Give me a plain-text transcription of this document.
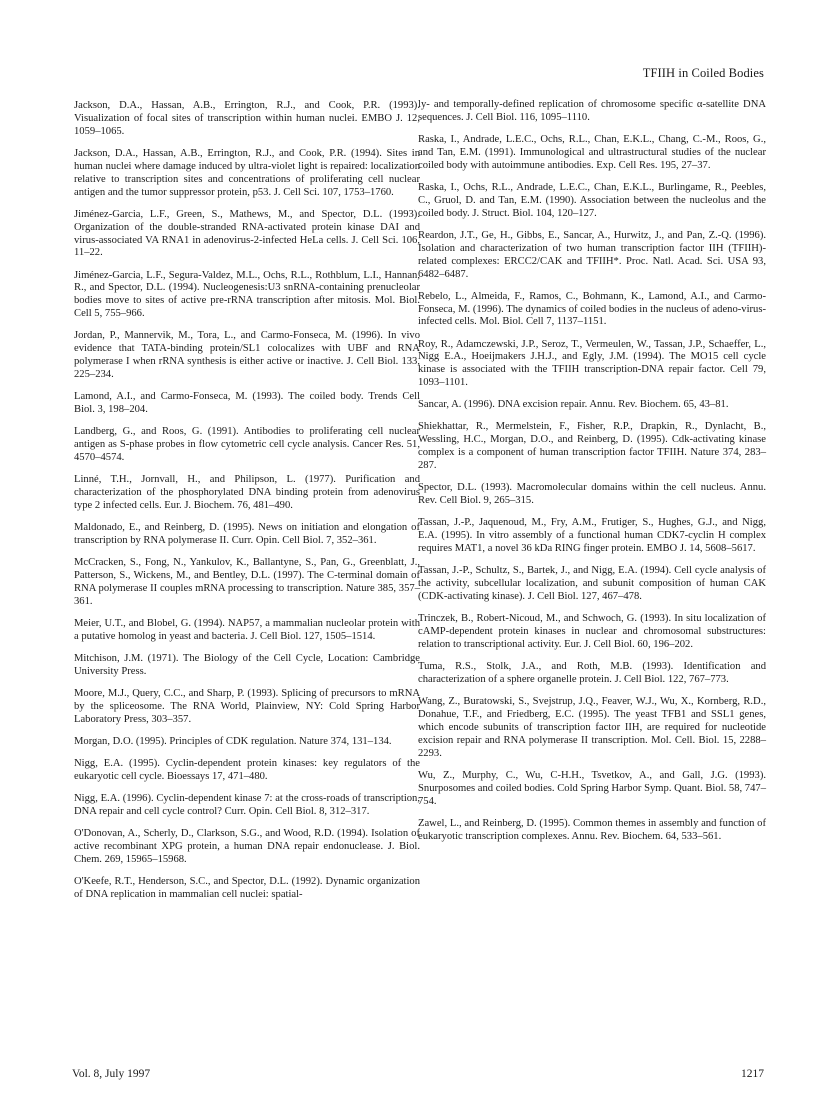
TFIIH in Coiled Bodies

Jackson, D.A., Hassan, A.B., Errington, R.J., and Cook, P.R. (1993). Visualization of focal sites of transcription within human nuclei. EMBO J. 12, 1059–1065.

Jackson, D.A., Hassan, A.B., Errington, R.J., and Cook, P.R. (1994). Sites in human nuclei where damage induced by ultra-violet light is repaired: localization relative to transcription sites and concentrations of proliferating cell nuclear antigen and the tumor suppressor protein, p53. J. Cell Sci. 107, 1753–1760.

Jiménez-Garcia, L.F., Green, S., Mathews, M., and Spector, D.L. (1993). Organization of the double-stranded RNA-activated protein kinase DAI and virus-associated VA RNA1 in adenovirus-2-infected HeLa cells. J. Cell Sci. 106, 11–22.

Jiménez-Garcia, L.F., Segura-Valdez, M.L., Ochs, R.L., Rothblum, L.I., Hannan, R., and Spector, D.L. (1994). Nucleogenesis:U3 snRNA-containing prenucleolar bodies move to sites of active pre-rRNA transcription after mitosis. Mol. Biol. Cell 5, 755–966.

Jordan, P., Mannervik, M., Tora, L., and Carmo-Fonseca, M. (1996). In vivo evidence that TATA-binding protein/SL1 colocalizes with UBF and RNA polymerase I when rRNA synthesis is either active or inactive. J. Cell Biol. 133, 225–234.

Lamond, A.I., and Carmo-Fonseca, M. (1993). The coiled body. Trends Cell Biol. 3, 198–204.

Landberg, G., and Roos, G. (1991). Antibodies to proliferating cell nuclear antigen as S-phase probes in flow cytometric cell cycle analysis. Cancer Res. 51, 4570–4574.

Linné, T.H., Jornvall, H., and Philipson, L. (1977). Purification and characterization of the phosphorylated DNA binding protein from adenovirus type 2 infected cells. Eur. J. Biochem. 76, 481–490.

Maldonado, E., and Reinberg, D. (1995). News on initiation and elongation of transcription by RNA polymerase II. Curr. Opin. Cell Biol. 7, 352–361.

McCracken, S., Fong, N., Yankulov, K., Ballantyne, S., Pan, G., Greenblatt, J., Patterson, S., Wickens, M., and Bentley, D.L. (1997). The C-terminal domain of RNA polymerase II couples mRNA processing to transcription. Nature 385, 357–361.

Meier, U.T., and Blobel, G. (1994). NAP57, a mammalian nucleolar protein with a putative homolog in yeast and bacteria. J. Cell Biol. 127, 1505–1514.

Mitchison, J.M. (1971). The Biology of the Cell Cycle, Location: Cambridge University Press.

Moore, M.J., Query, C.C., and Sharp, P. (1993). Splicing of precursors to mRNA by the spliceosome. The RNA World, Plainview, NY: Cold Spring Harbor Laboratory Press, 303–357.

Morgan, D.O. (1995). Principles of CDK regulation. Nature 374, 131–134.

Nigg, E.A. (1995). Cyclin-dependent protein kinases: key regulators of the eukaryotic cell cycle. Bioessays 17, 471–480.

Nigg, E.A. (1996). Cyclin-dependent kinase 7: at the cross-roads of transcription, DNA repair and cell cycle control? Curr. Opin. Cell Biol. 8, 312–317.

O'Donovan, A., Scherly, D., Clarkson, S.G., and Wood, R.D. (1994). Isolation of active recombinant XPG protein, a human DNA repair endonuclease. J. Biol. Chem. 269, 15965–15968.

O'Keefe, R.T., Henderson, S.C., and Spector, D.L. (1992). Dynamic organization of DNA replication in mammalian cell nuclei: spatial-

ly- and temporally-defined replication of chromosome specific α-satellite DNA sequences. J. Cell Biol. 116, 1095–1110.

Raska, I., Andrade, L.E.C., Ochs, R.L., Chan, E.K.L., Chang, C.-M., Roos, G., and Tan, E.M. (1991). Immunological and ultrastructural studies of the nuclear coiled body with autoimmune antibodies. Exp. Cell Res. 195, 27–37.

Raska, I., Ochs, R.L., Andrade, L.E.C., Chan, E.K.L., Burlingame, R., Peebles, C., Gruol, D. and Tan, E.M. (1990). Association between the nucleolus and the coiled body. J. Struct. Biol. 104, 120–127.

Reardon, J.T., Ge, H., Gibbs, E., Sancar, A., Hurwitz, J., and Pan, Z.-Q. (1996). Isolation and characterization of two human transcription factor IIH (TFIIH)-related complexes: ERCC2/CAK and TFIIH*. Proc. Natl. Acad. Sci. USA 93, 6482–6487.

Rebelo, L., Almeida, F., Ramos, C., Bohmann, K., Lamond, A.I., and Carmo-Fonseca, M. (1996). The dynamics of coiled bodies in the nucleus of adeno-virus-infected cells. Mol. Biol. Cell 7, 1137–1151.

Roy, R., Adamczewski, J.P., Seroz, T., Vermeulen, W., Tassan, J.P., Schaeffer, L., Nigg E.A., Hoeijmakers J.H.J., and Egly, J.M. (1994). The MO15 cell cycle kinase is associated with the TFIIH transcription-DNA repair factor. Cell 79, 1093–1101.

Sancar, A. (1996). DNA excision repair. Annu. Rev. Biochem. 65, 43–81.

Shiekhattar, R., Mermelstein, F., Fisher, R.P., Drapkin, R., Dynlacht, B., Wessling, H.C., Morgan, D.O., and Reinberg, D. (1995). Cdk-activating kinase complex is a component of human transcription factor TFIIH. Nature 374, 283–287.

Spector, D.L. (1993). Macromolecular domains within the cell nucleus. Annu. Rev. Cell Biol. 9, 265–315.

Tassan, J.-P., Jaquenoud, M., Fry, A.M., Frutiger, S., Hughes, G.J., and Nigg, E.A. (1995). In vitro assembly of a functional human CDK7-cyclin H complex requires MAT1, a novel 36 kDa RING finger protein. EMBO J. 14, 5608–5617.

Tassan, J.-P., Schultz, S., Bartek, J., and Nigg, E.A. (1994). Cell cycle analysis of the activity, subcellular localization, and subunit composition of human CAK (CDK-activating kinase). J. Cell Biol. 127, 467–478.

Trinczek, B., Robert-Nicoud, M., and Schwoch, G. (1993). In situ localization of cAMP-dependent protein kinases in nuclear and chromosomal substructures: relation to transcriptional activity. Eur. J. Cell Biol. 60, 196–202.

Tuma, R.S., Stolk, J.A., and Roth, M.B. (1993). Identification and characterization of a sphere organelle protein. J. Cell Biol. 122, 767–773.

Wang, Z., Buratowski, S., Svejstrup, J.Q., Feaver, W.J., Wu, X., Kornberg, R.D., Donahue, T.F., and Friedberg, E.C. (1995). The yeast TFB1 and SSL1 genes, which encode subunits of transcription factor IIH, are required for nucleotide excision repair and RNA polymerase II transcription. Mol. Cell. Biol. 15, 2288–2293.

Wu, Z., Murphy, C., Wu, C-H.H., Tsvetkov, A., and Gall, J.G. (1993). Snurposomes and coiled bodies. Cold Spring Harbor Symp. Quant. Biol. 58, 747–754.

Zawel, L., and Reinberg, D. (1995). Common themes in assembly and function of eukaryotic transcription complexes. Annu. Rev. Biochem. 64, 533–561.

Vol. 8, July 1997	1217
